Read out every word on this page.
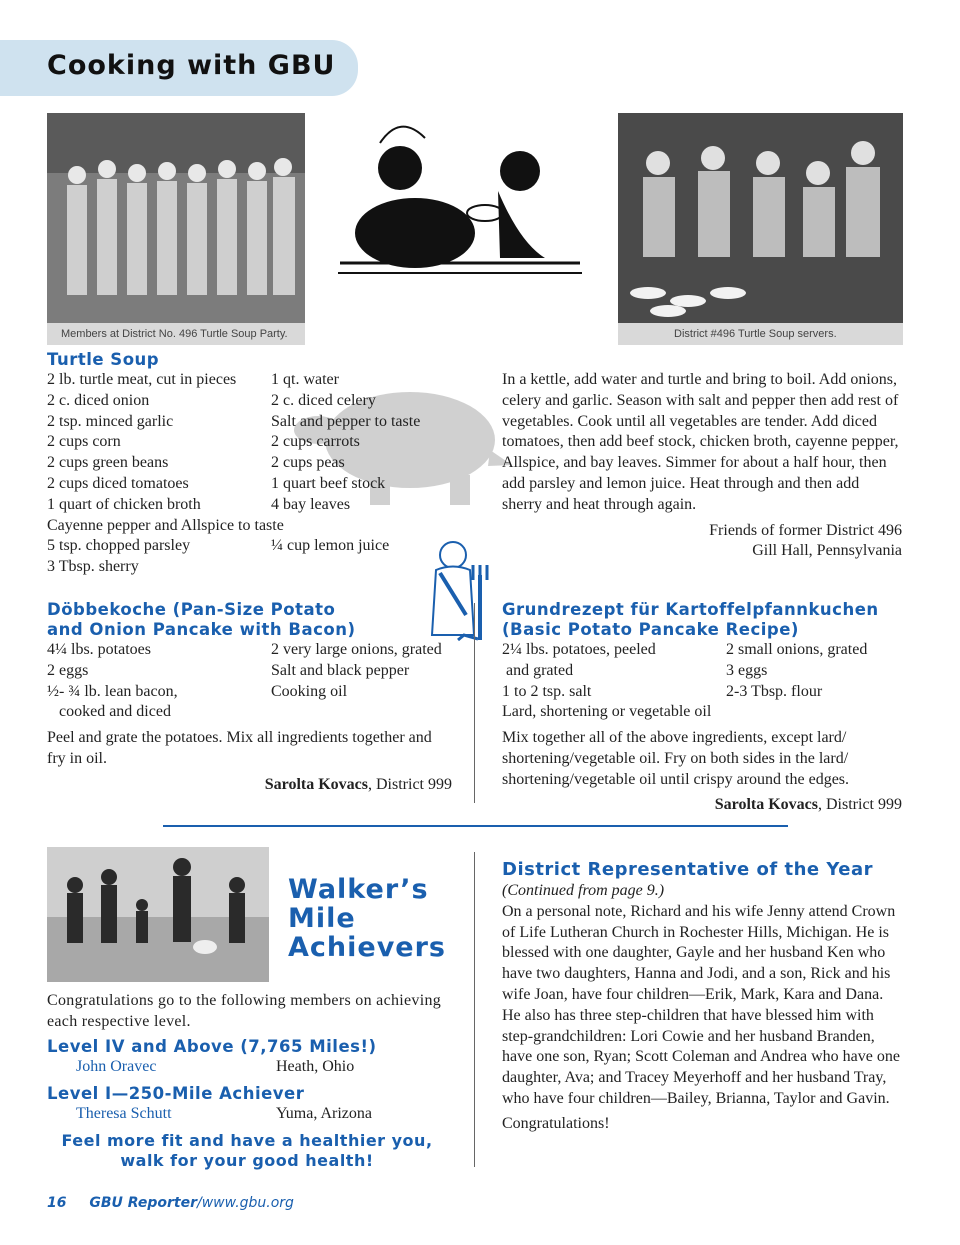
Cooking with GBU
Members at District No. 496 Turtle Soup Party.	District #496 Turtle Soup servers.
Turtle Soup
2 lb. turtle meat, cut in pieces	1 qt. water
2 c. diced onion	2 c. diced celery
2 tsp. minced garlic	Salt and pepper to taste
2 cups corn	2 cups carrots
2 cups green beans	2 cups peas
2 cups diced tomatoes	1 quart beef stock
1 quart of chicken broth	4 bay leaves
Cayenne pepper and Allspice to taste
5 tsp. chopped parsley	¼ cup lemon juice
3 Tbsp. sherry
In a kettle, add water and turtle and bring to boil. Add onions, celery and garlic. Season with salt and pepper then add rest of vegetables. Cook until all vegetables are tender. Add diced tomatoes, then add beef stock, chicken broth, cayenne pepper, Allspice, and bay leaves. Simmer for about a half hour, then add parsley and lemon juice. Heat through and then add sherry and heat through again.
Friends of former District 496
Gill Hall, Pennsylvania
Döbbekoche (Pan-Size Potato
and Onion Pancake with Bacon)
4¼ lbs. potatoes	2 very large onions, grated
2 eggs	Salt and black pepper
½- ¾ lb. lean bacon,	Cooking oil
cooked and diced
Peel and grate the potatoes. Mix all ingredients together and fry in oil.
Sarolta Kovacs, District 999
Grundrezept für Kartoffelpfannkuchen
(Basic Potato Pancake Recipe)
2¼ lbs. potatoes, peeled	2 small onions, grated
and grated	3 eggs
1 to 2 tsp. salt	2-3 Tbsp. flour
Lard, shortening or vegetable oil
Mix together all of the above ingredients, except lard/ shortening/vegetable oil. Fry on both sides in the lard/ shortening/vegetable oil until crispy around the edges.
Sarolta Kovacs, District 999
Walker’s
Mile
Achievers
Congratulations go to the following members on achieving each respective level.
Level IV and Above (7,765 Miles!)
John Oravec	Heath, Ohio
Level I—250-Mile Achiever
Theresa Schutt	Yuma, Arizona
Feel more fit and have a healthier you,
walk for your good health!
District Representative of the Year
(Continued from page 9.)
On a personal note, Richard and his wife Jenny attend Crown of Life Lutheran Church in Rochester Hills, Michigan. He is blessed with one daughter, Gayle and her husband Ken who have two daughters, Hanna and Jodi, and a son, Rick and his wife Joan, have four children—Erik, Mark, Kara and Dana. He also has three step-children that have blessed him with step-grandchildren: Lori Cowie and her husband Branden, have one son, Ryan; Scott Coleman and Andrea who have one daughter, Ava; and Tracey Meyerhoff and her husband Tray, who have four children—Bailey, Brianna, Taylor and Gavin.
Congratulations!
16 GBU Reporter/www.gbu.org
